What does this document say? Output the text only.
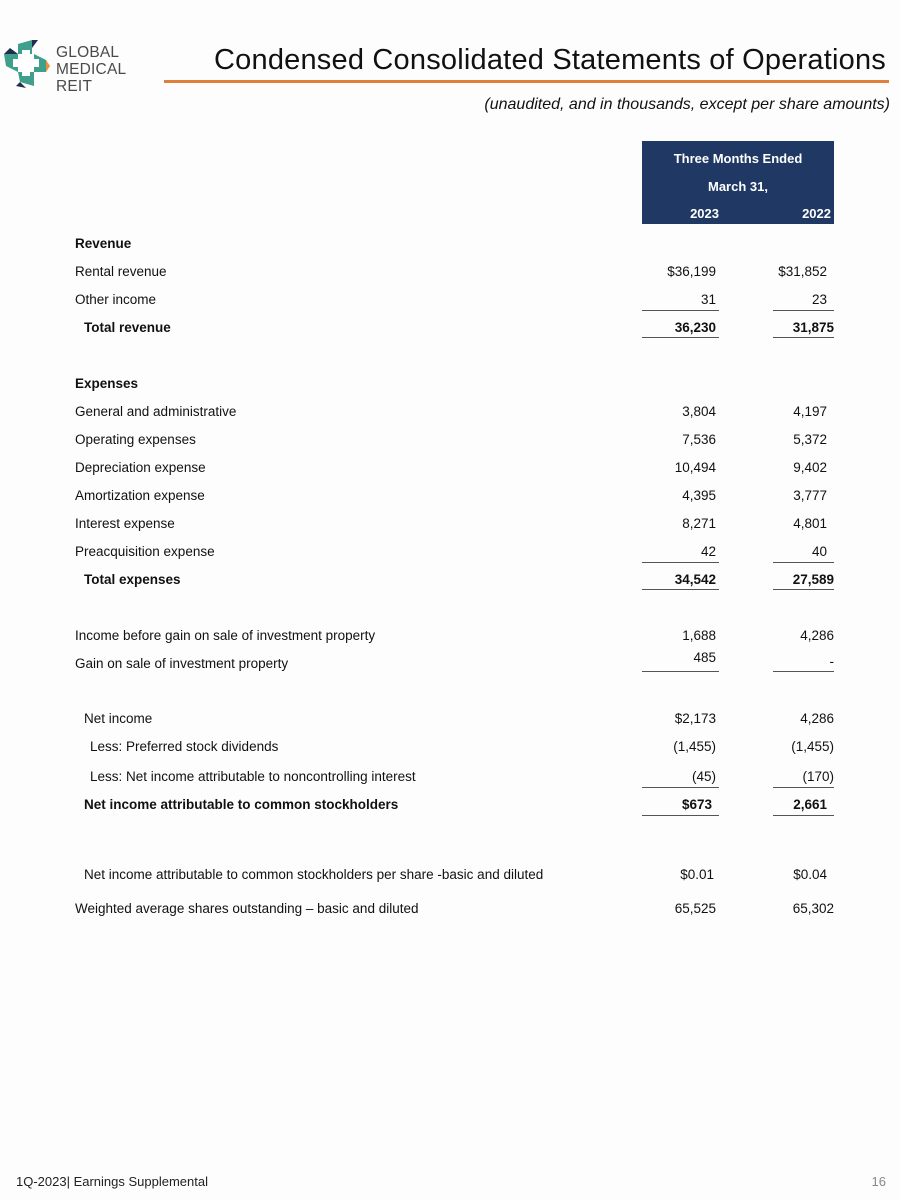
GLOBAL
MEDICAL REIT
Condensed Consolidated Statements of Operations
(unaudited, and in thousands, except per share amounts)
Three Months Ended
March 31,
2023	2022
Revenue
Rental revenue	$36,199	$31,852
Other income	31	23
Total revenue	36,230	31,875
Expenses
General and administrative	3,804	4,197
Operating expenses	7,536	5,372
Depreciation expense	10,494	9,402
Amortization expense	4,395	3,777
Interest expense	8,271	4,801
Preacquisition expense	42	40
Total expenses	34,542	27,589
Income before gain on sale of investment property	1,688	4,286
Gain on sale of investment property	485	-
Net income	$2,173	4,286
Less: Preferred stock dividends	(1,455)	(1,455)
Less: Net income attributable to noncontrolling interest	(45)	(170)
Net income attributable to common stockholders	$673	2,661
Net income attributable to common stockholders per share -basic and diluted	$0.01	$0.04
Weighted average shares outstanding – basic and diluted	65,525	65,302
1Q-2023| Earnings Supplemental	16
